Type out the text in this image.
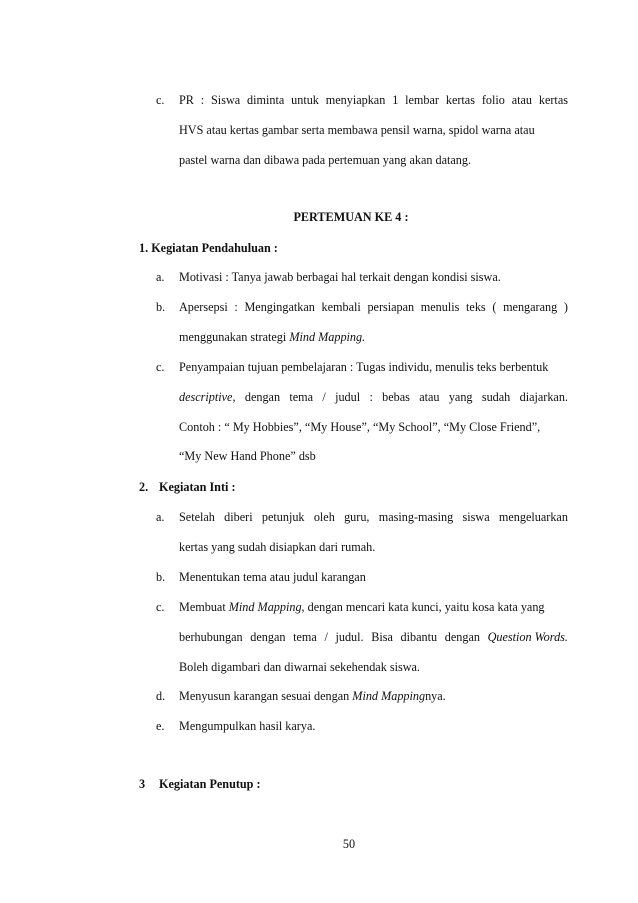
c. PR : Siswa diminta untuk menyiapkan 1 lembar kertas folio atau kertas
HVS atau kertas gambar serta membawa pensil warna, spidol warna atau
pastel warna dan dibawa pada pertemuan yang akan datang.
PERTEMUAN KE 4 :
1. Kegiatan Pendahuluan :
a. Motivasi : Tanya jawab berbagai hal terkait dengan kondisi siswa.
b. Apersepsi : Mengingatkan kembali persiapan menulis teks ( mengarang )
menggunakan strategi Mind Mapping.
c. Penyampaian tujuan pembelajaran : Tugas individu, menulis teks berbentuk
descriptive, dengan tema / judul : bebas atau yang sudah diajarkan.
Contoh : “ My Hobbies”, “My House”, “My School”, “My Close Friend”,
“My New Hand Phone” dsb
2. Kegiatan Inti :
a. Setelah diberi petunjuk oleh guru, masing-masing siswa mengeluarkan
kertas yang sudah disiapkan dari rumah.
b. Menentukan tema atau judul karangan
c. Membuat Mind Mapping, dengan mencari kata kunci, yaitu kosa kata yang
berhubungan dengan tema / judul. Bisa dibantu dengan Question Words.
Boleh digambari dan diwarnai sekehendak siswa.
d. Menyusun karangan sesuai dengan Mind Mappingnya.
e. Mengumpulkan hasil karya.
3 Kegiatan Penutup :
50
